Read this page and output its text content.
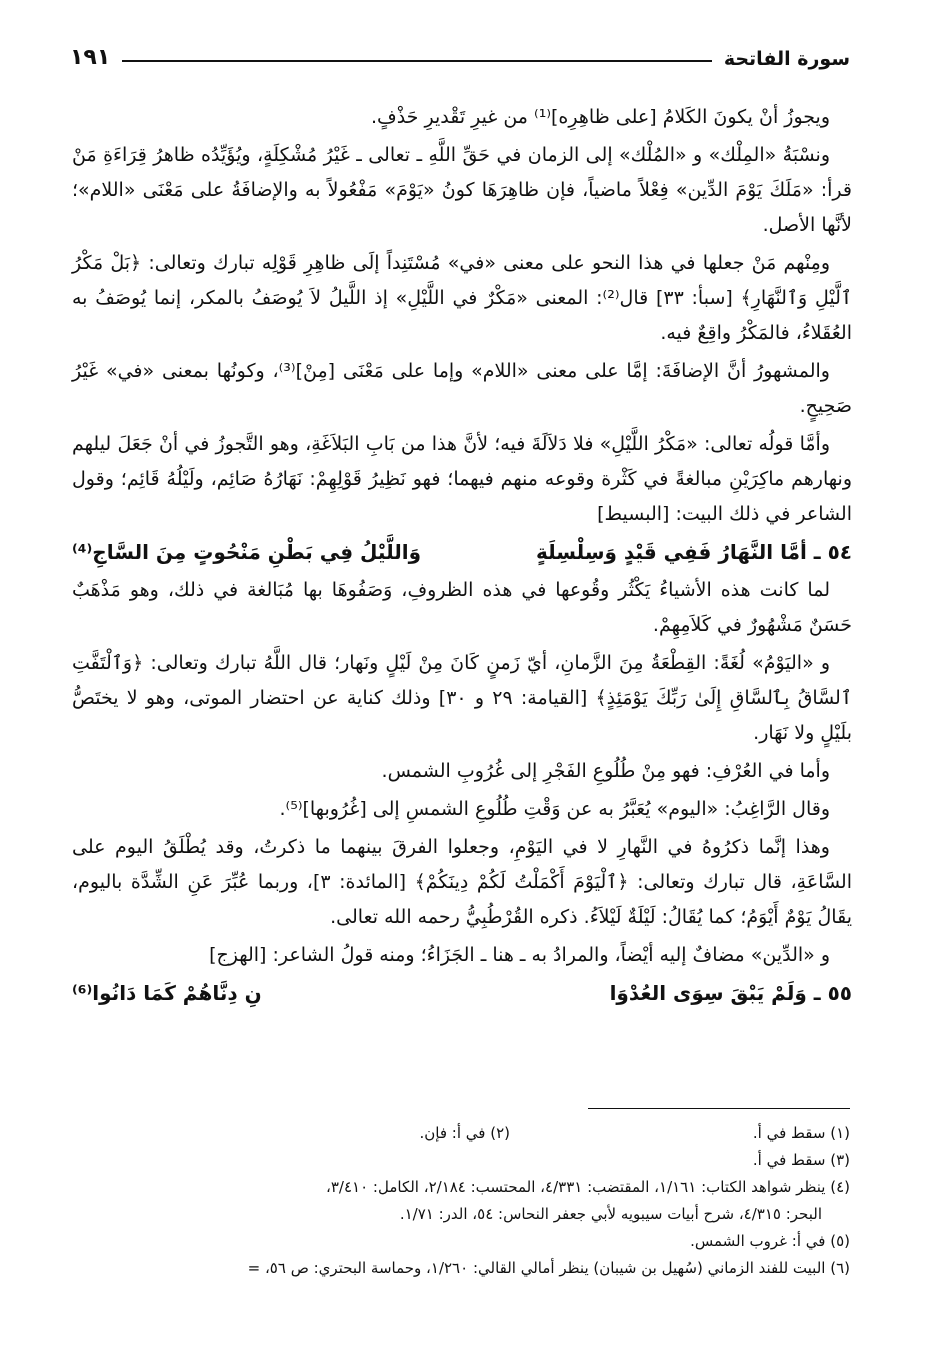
سورة الفاتحة
١٩١

ويجوزُ أنْ يكونَ الكَلامُ [على ظاهِرِه]⁽¹⁾ من غيرِ تَقْديرِ حَذْفٍ.

ونسْبَةُ «المِلْك» و «المُلْك» إلى الزمان في حَقِّ اللَّهِ ـ تعالى ـ غَيْرُ مُشْكِلَةٍ، ويُؤَيِّدُه ظاهرُ قِرَاءَةِ مَنْ قرأ: «مَلَكَ يَوْمَ الدِّين» فِعْلاً ماضياً، فإن ظاهِرَهَا كونُ «يَوْمَ» مَفْعُولاً به والإضافَةُ على مَعْنَى «اللام»؛ لأنَّها الأصل.

ومِنْهم مَنْ جعلها في هذا النحو على معنى «في» مُسْتَنِداً إلَى ظاهِرِ قَوْلِه تبارك وتعالى: ﴿بَلْ مَكْرُ ٱلَّيْلِ وَٱلنَّهَارِ﴾ [سبأ: ٣٣] قال⁽²⁾: المعنى «مَكْرٌ في اللَّيْلِ» إذ اللَّيلُ لاَ يُوصَفُ بالمكر، إنما يُوصَفُ به العُقَلاءُ، فالمَكْرُ واقِعٌ فيه.

والمشهورُ أنَّ الإضافَةَ: إمَّا على معنى «اللام» وإما على مَعْنَى [مِنْ]⁽³⁾، وكونُها بمعنى «في» غَيْرُ صَحِيحٍ.

وأمَّا قولُه تعالى: «مَكْرُ اللَّيْلِ» فلا دَلاَلَةَ فيه؛ لأنَّ هذا من بَابِ البَلاَغَةِ، وهو التَّجوزُ في أنْ جَعَلَ ليلهم ونهارهم ماكِرَيْنِ مبالغةً في كَثْرة وقوعه منهم فيهما؛ فهو نَظِيرُ قَوْلِهِمْ: نَهَارُهُ صَائِم، ولَيْلُهُ قَائِم؛ وقول الشاعر في ذلك البيت: [البسيط]

٥٤ ـ أمَّا النَّهَارُ فَفِي قَيْدٍ وَسِلْسِلَةٍ
وَاللَّيْلُ فِي بَطْنِ مَنْحُوتٍ مِنَ السَّاجِ⁽⁴⁾

لما كانت هذه الأشياءُ يَكْثُر وقُوعها في هذه الظروفِ، وَصَفُوهَا بها مُبَالغة في ذلك، وهو مَذْهَبٌ حَسَنٌ مَشْهُورٌ في كَلاَمِهِمْ.

و «اليَوْمُ» لُغَةً: القِطْعَةُ مِنَ الزَّمانِ، أيّ زَمنٍ كَانَ مِنْ لَيْلٍ ونَهار؛ قال اللَّهُ تبارك وتعالى: ﴿وَٱلْتَفَّتِ ٱلسَّاقُ بِٱلسَّاقِ إِلَىٰ رَبِّكَ يَوْمَئِذٍ﴾ [القيامة: ٢٩ و ٣٠] وذلك كناية عن احتضار الموتى، وهو لا يختَصُّ بلَيْلٍ ولا نَهَار.

وأما في العُرْفِ: فهو مِنْ طُلُوعِ الفَجْرِ إلى غُرُوبِ الشمس.

وقال الرَّاغِبُ: «اليوم» يُعَبَّرُ به عن وَقْتِ طُلُوعِ الشمسِ إلى [غُرُوبها]⁽⁵⁾.

وهذا إنَّما ذكرُوهُ في النَّهارِ لا في اليَوْمِ، وجعلوا الفرقَ بينهما ما ذكرتُ، وقد يُطْلَقُ اليوم على السَّاعَةِ، قال تبارك وتعالى: ﴿ٱلْيَوْمَ أَكْمَلْتُ لَكُمْ دِينَكُمْ﴾ [المائدة: ٣]، وربما عُبِّرَ عَنِ الشِّدَّة باليوم، يقَالُ يَوْمٌ أَيْوَمُ؛ كما يُقَالُ: لَيْلَةٌ لَيْلاَءُ. ذكره القُرْطُبِيُّ رحمه الله تعالى.

و «الدِّين» مضافٌ إليه أيْضاً، والمرادُ به ـ هنا ـ الجَزَاءُ؛ ومنه قولُ الشاعر: [الهزج]

٥٥ ـ وَلَمْ يَبْقَ سِوَى العُدْوَا
نِ دِنَّاهُمْ كَمَا دَانُوا⁽⁶⁾

(١) سقط في أ.
(٢) في أ: فإن.
(٣) سقط في أ.
(٤) ينظر شواهد الكتاب: ١/١٦١، المقتضب: ٤/٣٣١، المحتسب: ٢/١٨٤، الكامل: ٣/٤١٠،
البحر: ٤/٣١٥، شرح أبيات سيبويه لأبي جعفر النحاس: ٥٤، الدر: ١/٧١.
(٥) في أ: غروب الشمس.
(٦) البيت للفند الزماني (سُهيل بن شيبان) ينظر أمالي القالي: ١/٢٦٠، وحماسة البحتري: ص ٥٦، =
